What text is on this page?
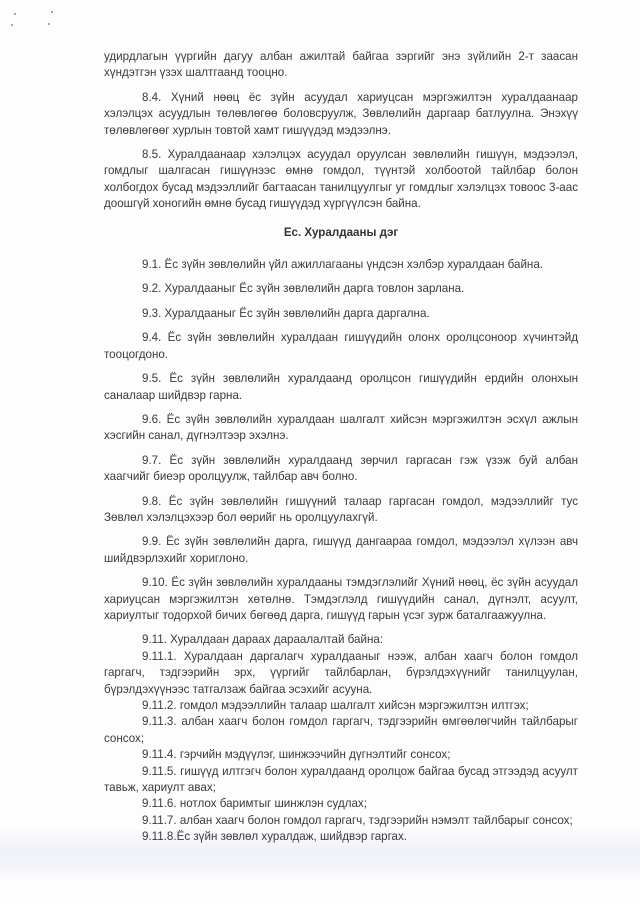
удирдлагын үүргийн дагуу албан ажилтай байгаа зэргийг энэ зүйлийн 2-т заасан хүндэтгэн үзэх шалтгаанд тооцно.

8.4. Хүний нөөц ёс зүйн асуудал хариуцсан мэргэжилтэн хуралдаанаар хэлэлцэх асуудлын төлөвлөгөө боловсруулж, Зөвлөлийн даргаар батлуулна. Энэхүү төлөвлөгөөг хурлын товтой хамт гишүүдэд мэдээлнэ.

8.5. Хуралдаанаар хэлэлцэх асуудал оруулсан зөвлөлийн гишүүн, мэдээлэл, гомдлыг шалгасан гишүүнээс өмнө гомдол, түүнтэй холбоотой тайлбар болон холбогдох бусад мэдээллийг багтаасан танилцуулгыг уг гомдлыг хэлэлцэх товоос 3-аас доошгүй хоногийн өмнө бусад гишүүдэд хүргүүлсэн байна.

Ес. Хуралдааны дэг

9.1. Ёс зүйн зөвлөлийн үйл ажиллагааны үндсэн хэлбэр хуралдаан байна.

9.2. Хуралдааныг Ёс зүйн зөвлөлийн дарга товлон зарлана.

9.3. Хуралдааныг Ёс зүйн зөвлөлийн дарга даргална.

9.4. Ёс зүйн зөвлөлийн хуралдаан гишүүдийн олонх оролцсоноор хүчинтэйд тооцогдоно.

9.5. Ёс зүйн зөвлөлийн хуралдаанд оролцсон гишүүдийн ердийн олонхын саналаар шийдвэр гарна.

9.6. Ёс зүйн зөвлөлийн хуралдаан шалгалт хийсэн мэргэжилтэн эсхүл ажлын хэсгийн санал, дүгнэлтээр эхэлнэ.

9.7. Ёс зүйн зөвлөлийн хуралдаанд зөрчил гаргасан гэж үзэж буй албан хаагчийг биеэр оролцуулж, тайлбар авч болно.

9.8. Ёс зүйн зөвлөлийн гишүүний талаар гаргасан гомдол, мэдээллийг тус Зөвлөл хэлэлцэхээр бол өөрийг нь оролцуулахгүй.

9.9. Ёс зүйн зөвлөлийн дарга, гишүүд дангаараа гомдол, мэдээлэл хүлээн авч шийдвэрлэхийг хориглоно.

9.10. Ёс зүйн зөвлөлийн хуралдааны тэмдэглэлийг Хүний нөөц, ёс зүйн асуудал хариуцсан мэргэжилтэн хөтөлнө. Тэмдэглэлд гишүүдийн санал, дүгнэлт, асуулт, хариултыг тодорхой бичих бөгөөд дарга, гишүүд гарын үсэг зурж баталгаажуулна.

9.11. Хуралдаан дараах дараалалтай байна:

9.11.1. Хуралдаан даргалагч хуралдааныг нээж, албан хаагч болон гомдол гаргагч, тэдгээрийн эрх, үүргийг тайлбарлан, бүрэлдэхүүнийг танилцуулан, бүрэлдэхүүнээс татгалзаж байгаа эсэхийг асууна.

9.11.2. гомдол мэдээллийн талаар шалгалт хийсэн мэргэжилтэн илтгэх;

9.11.3. албан хаагч болон гомдол гаргагч, тэдгээрийн өмгөөлөгчийн тайлбарыг сонсох;

9.11.4. гэрчийн мэдүүлэг, шинжээчийн дүгнэлтийг сонсох;

9.11.5. гишүүд илтгэгч болон хуралдаанд оролцож байгаа бусад этгээдэд асуулт тавьж, хариулт авах;

9.11.6. нотлох баримтыг шинжлэн судлах;

9.11.7. албан хаагч болон гомдол гаргагч, тэдгээрийн нэмэлт тайлбарыг сонсох;

9.11.8.Ёс зүйн зөвлөл хуралдаж, шийдвэр гаргах.
